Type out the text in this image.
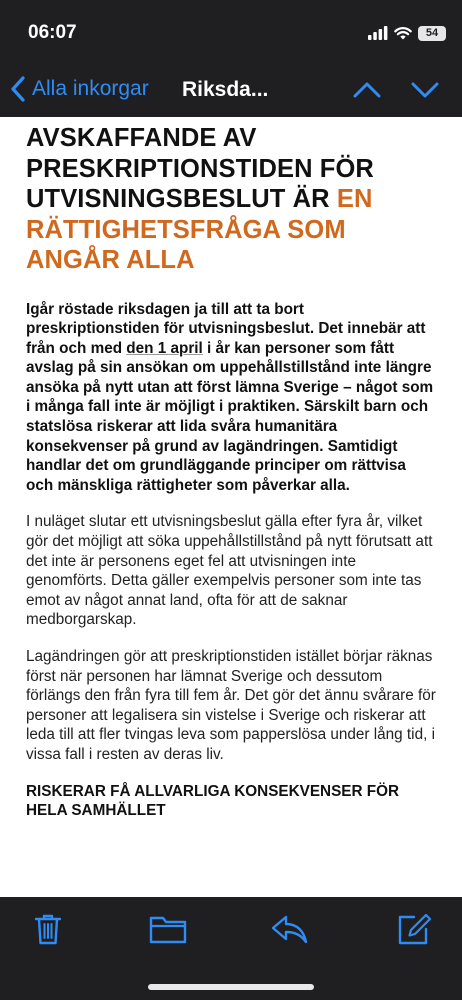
06:07	54
Alla inkorgar Riksda...
AVSKAFFANDE AV PRESKRIPTIONSTIDEN FÖR UTVISNINGSBESLUT ÄR EN RÄTTIGHETSFRÅGA SOM ANGÅR ALLA

Igår röstade riksdagen ja till att ta bort preskriptionstiden för utvisningsbeslut. Det innebär att från och med den 1 april i år kan personer som fått avslag på sin ansökan om uppehållstillstånd inte längre ansöka på nytt utan att först lämna Sverige – något som i många fall inte är möjligt i praktiken. Särskilt barn och statslösa riskerar att lida svåra humanitära konsekvenser på grund av lagändringen. Samtidigt handlar det om grundläggande principer om rättvisa och mänskliga rättigheter som påverkar alla.

I nuläget slutar ett utvisningsbeslut gälla efter fyra år, vilket gör det möjligt att söka uppehållstillstånd på nytt förutsatt att det inte är personens eget fel att utvisningen inte genomförts. Detta gäller exempelvis personer som inte tas emot av något annat land, ofta för att de saknar medborgarskap.

Lagändringen gör att preskriptionstiden istället börjar räknas först när personen har lämnat Sverige och dessutom förlängs den från fyra till fem år. Det gör det ännu svårare för personer att legalisera sin vistelse i Sverige och riskerar att leda till att fler tvingas leva som papperslösa under lång tid, i vissa fall i resten av deras liv.

RISKERAR FÅ ALLVARLIGA KONSEKVENSER FÖR HELA SAMHÄLLET
